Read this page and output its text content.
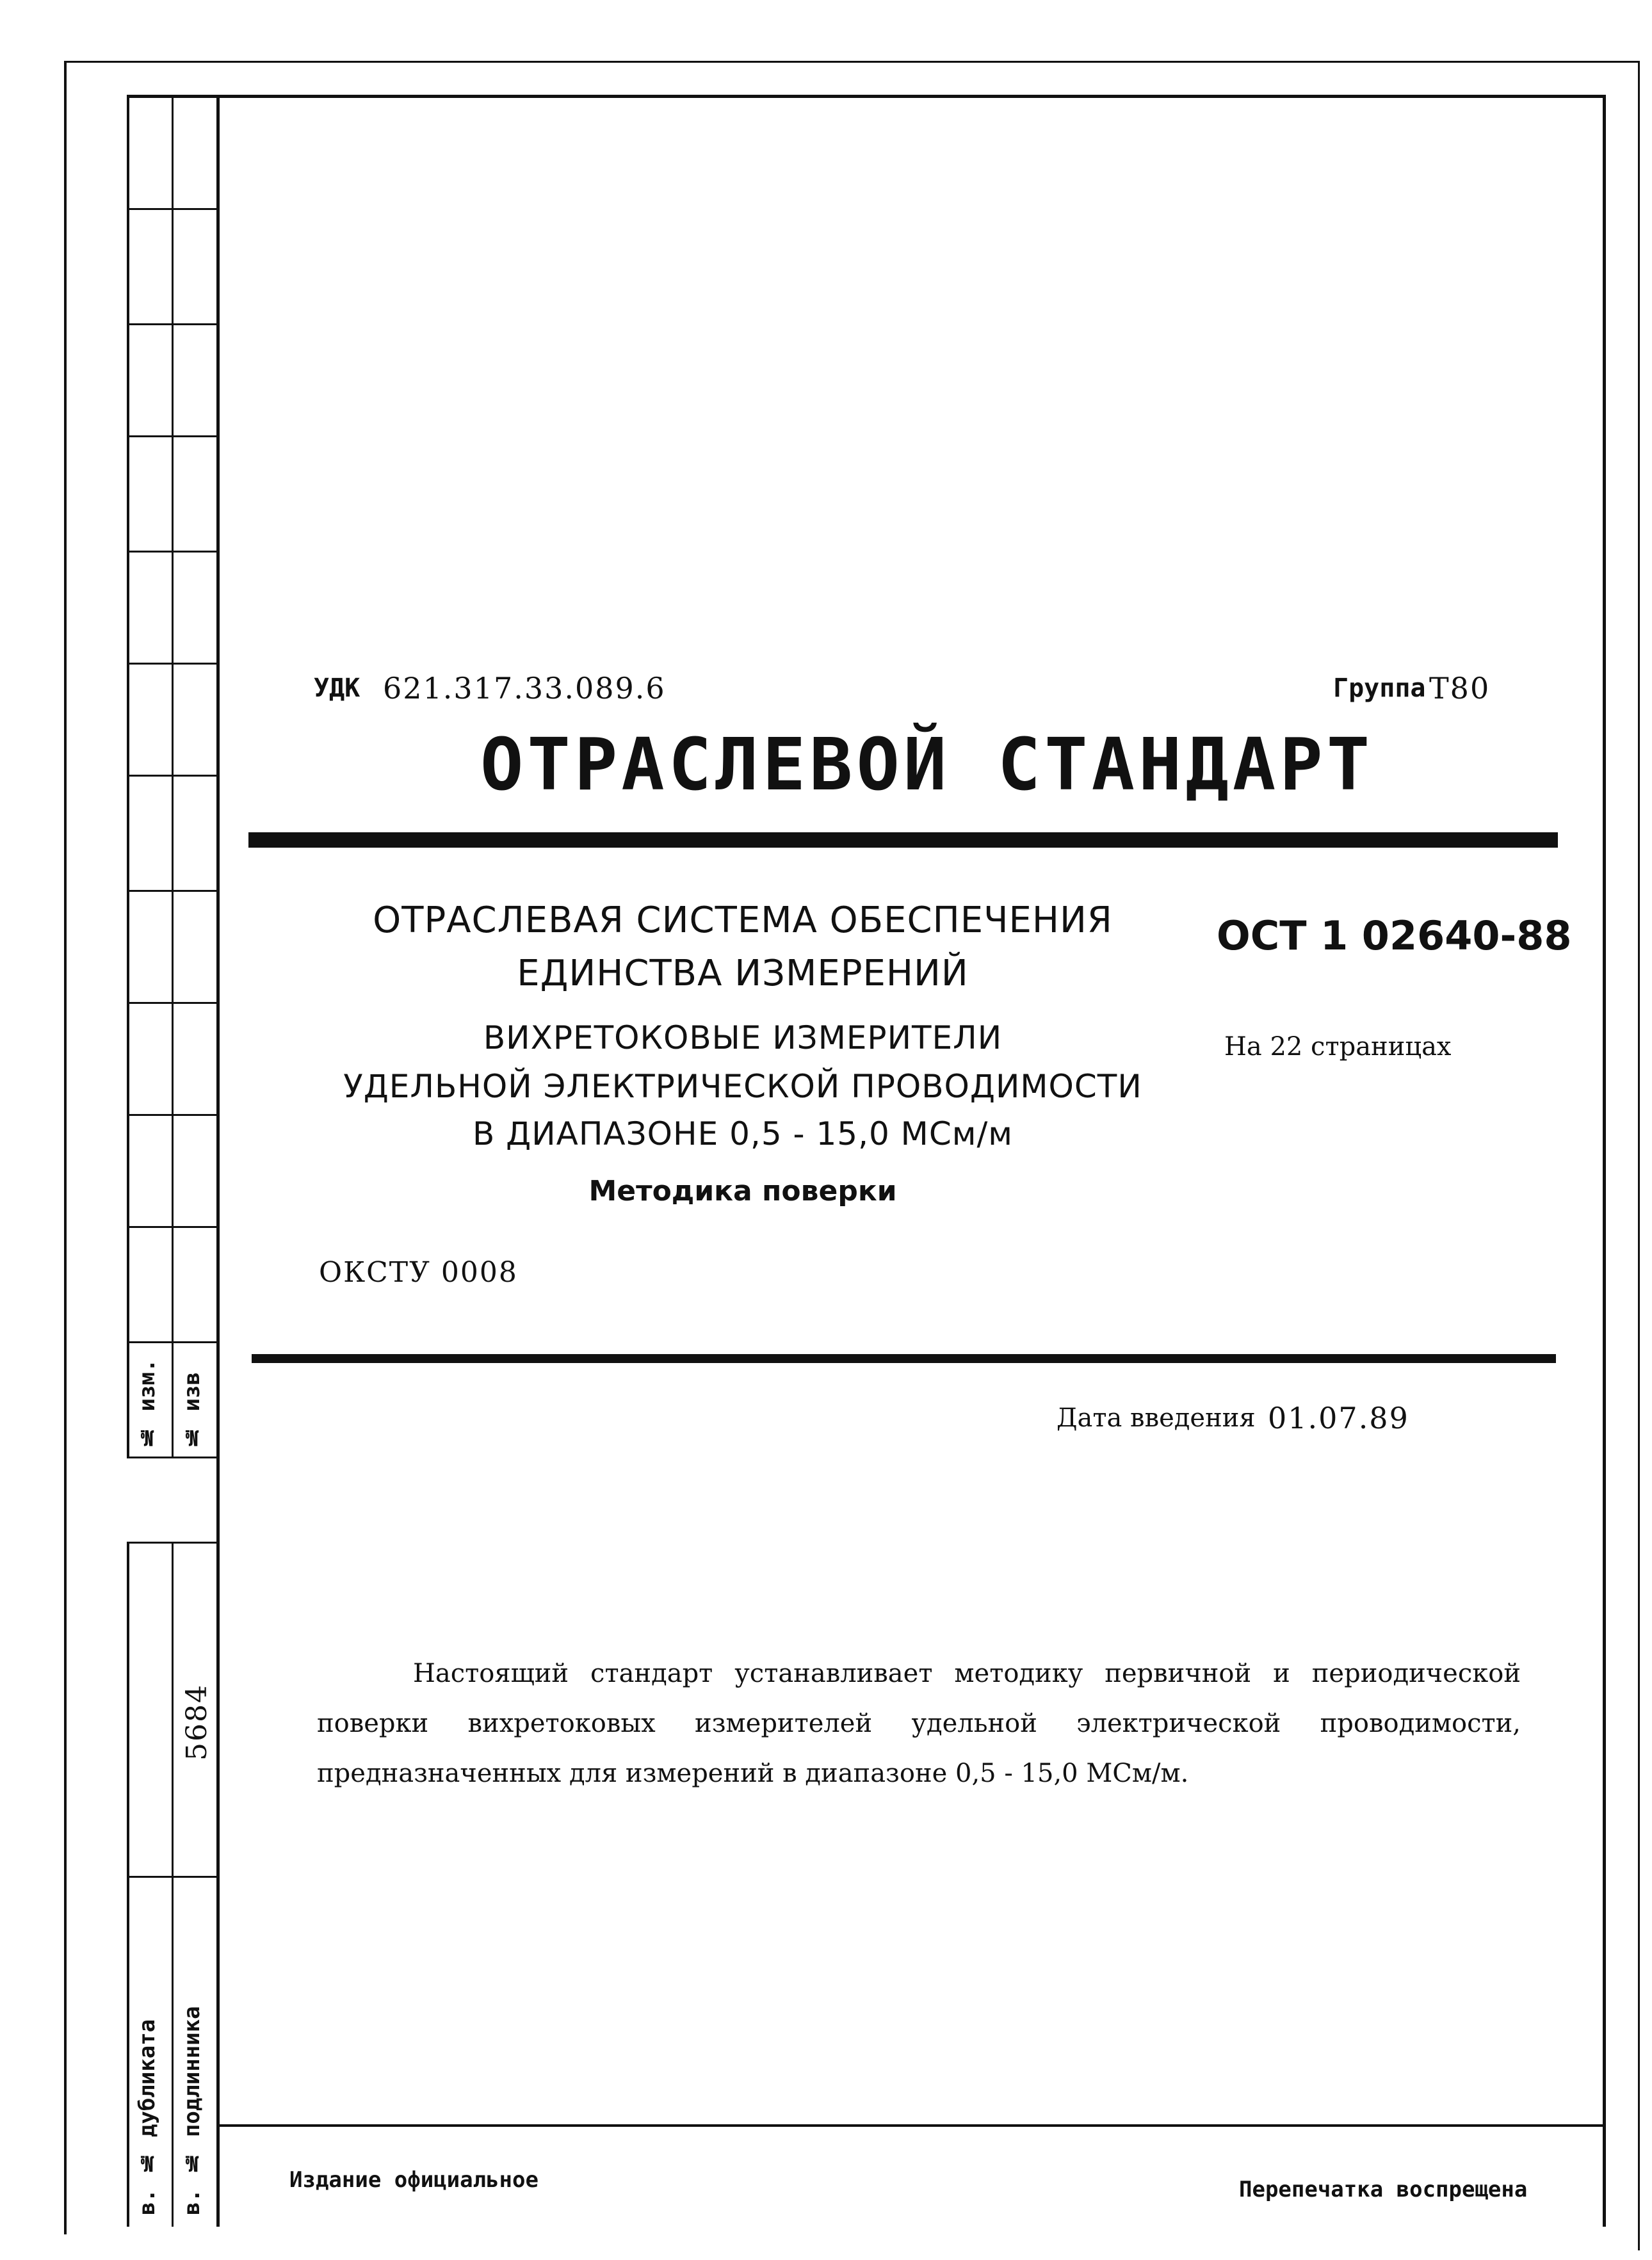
№ изм. № изв
5684
в. № дубликата в. № подлинника
УДК 621.317.33.089.6	Группа Т80
ОТРАСЛЕВОЙ СТАНДАРТ
ОТРАСЛЕВАЯ СИСТЕМА ОБЕСПЕЧЕНИЯ
ЕДИНСТВА ИЗМЕРЕНИЙ
ВИХРЕТОКОВЫЕ ИЗМЕРИТЕЛИ
УДЕЛЬНОЙ ЭЛЕКТРИЧЕСКОЙ ПРОВОДИМОСТИ
В ДИАПАЗОНЕ 0,5 - 15,0 МСм/м
Методика поверки
ОСТ 1 02640-88
На 22 страницах
ОКСТУ 0008
Дата введения 01.07.89

Настоящий стандарт устанавливает методику первичной и периодической поверки вихретоковых измерителей удельной электрической проводимости, предназначенных для измерений в диапазоне 0,5 - 15,0 МСм/м.

Издание официальное	Перепечатка воспрещена
